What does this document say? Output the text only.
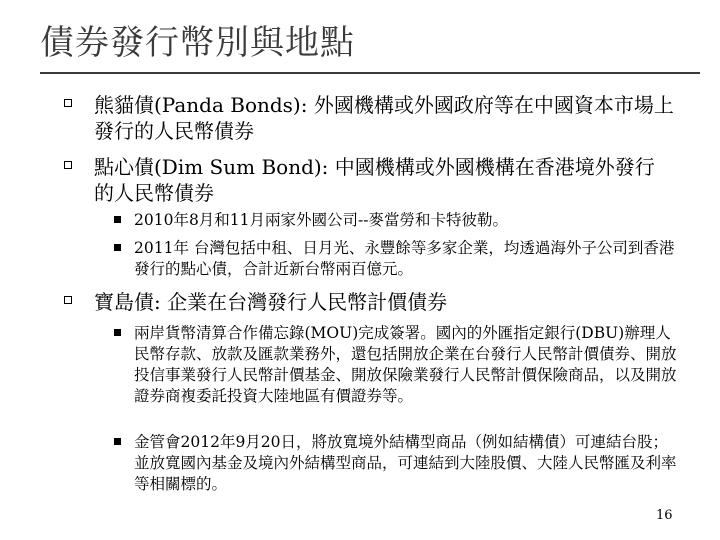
債券發行幣別與地點
熊貓債(Panda Bonds): 外國機構或外國政府等在中國資本市場上發行的人民幣債券
點心債(Dim Sum Bond): 中國機構或外國機構在香港境外發行的人民幣債券
2010年8月和11月兩家外國公司--麥當勞和卡特彼勒。
2011年 台灣包括中租、日月光、永豐餘等多家企業，均透過海外子公司到香港發行的點心債，合計近新台幣兩百億元。
寶島債: 企業在台灣發行人民幣計價債券
兩岸貨幣清算合作備忘錄(MOU)完成簽署。國內的外匯指定銀行(DBU)辦理人民幣存款、放款及匯款業務外，還包括開放企業在台發行人民幣計價債券、開放投信事業發行人民幣計價基金、開放保險業發行人民幣計價保險商品，以及開放證券商複委託投資大陸地區有價證券等。
金管會2012年9月20日，將放寬境外結構型商品（例如結構債）可連結台股；並放寬國內基金及境內外結構型商品，可連結到大陸股價、大陸人民幣匯及利率等相關標的。
16
